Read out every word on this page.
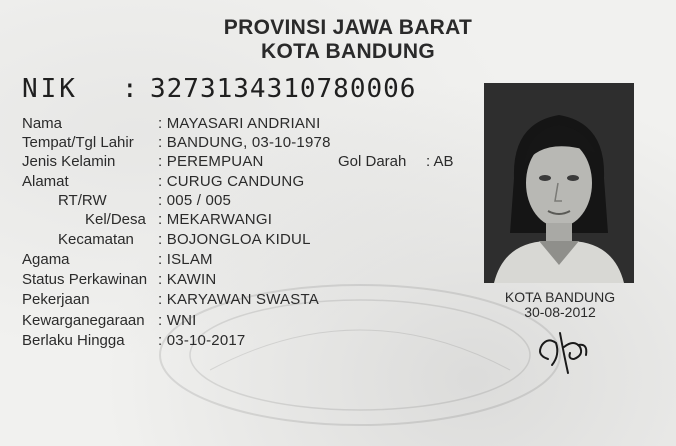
PROVINSI JAWA BARAT
KOTA BANDUNG
NIK : 3273134310780006
Nama	: MAYASARI ANDRIANI
Tempat/Tgl Lahir : BANDUNG, 03-10-1978
Jenis Kelamin	: PEREMPUAN	Gol Darah : AB
Alamat	: CURUG CANDUNG
RT/RW	: 005 / 005
Kel/Desa : MEKARWANGI
Kecamatan : BOJONGLOA KIDUL
Agama	: ISLAM
Status Perkawinan : KAWIN
Pekerjaan	: KARYAWAN SWASTA
Kewarganegaraan : WNI
Berlaku Hingga : 03-10-2017
KOTA BANDUNG
30-08-2012
